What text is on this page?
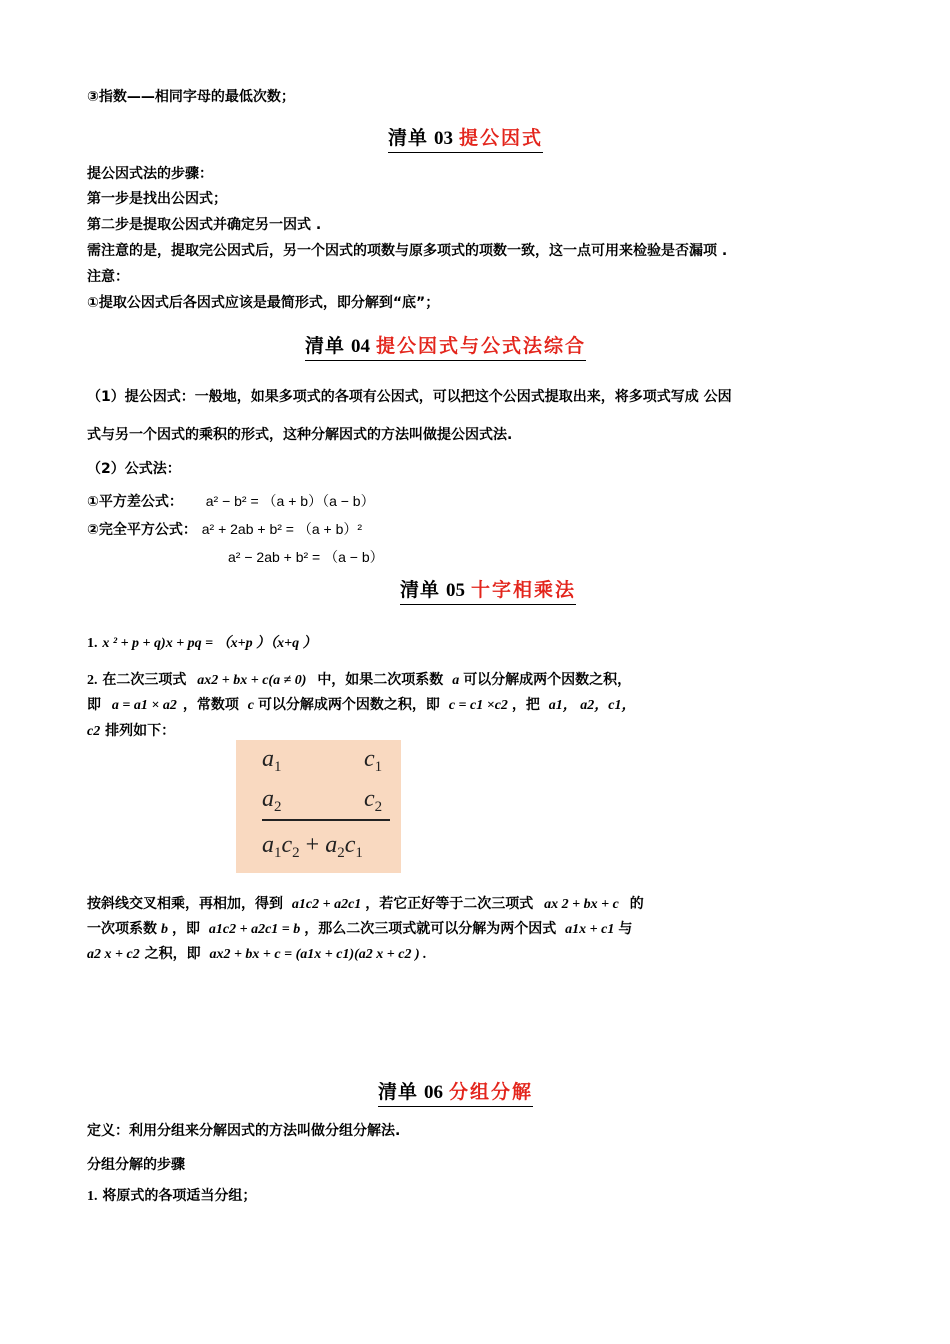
③指数——相同字母的最低次数；
清单 03 提公因式
提公因式法的步骤：
第一步是找出公因式；
第二步是提取公因式并确定另一因式 .
需注意的是，提取完公因式后，另一个因式的项数与原多项式的项数一致，这一点可用来检验是否漏项 .
注意：
①提取公因式后各因式应该是最简形式，即分解到“底”；
清单 04 提公因式与公式法综合
（1）提公因式：一般地，如果多项式的各项有公因式，可以把这个公因式提取出来，将多项式写成 公因
式与另一个因式的乘积的形式，这种分解因式的方法叫做提公因式法.
（2）公式法：
①平方差公式： a² − b² = （a + b）（a − b）
②完全平方公式： a² + 2ab + b² = （a + b）²
a² − 2ab + b² = （a − b）
清单 05 十字相乘法
1. x ² + p + q)x + pq = （x+p ）（x+q ）
2. 在二次三项式 ax2 + bx + c(a ≠ 0) 中，如果二次项系数 a 可以分解成两个因数之积，
即 a = a1 × a2 ，常数项 c 可以分解成两个因数之积，即 c = c1 ×c2 ，把 a1， a2，c1，
c2 排列如下：
$a_1$	$c_1$
$a_2$	$c_2$
$a_1c_2 + a_2c_1$
按斜线交叉相乘，再相加，得到 a1c2 + a2c1 ，若它正好等于二次三项式 ax 2 + bx + c 的
一次项系数 b ，即 a1c2 + a2c1 = b ，那么二次三项式就可以分解为两个因式 a1x + c1 与
a2 x + c2 之积，即 ax2 + bx + c = (a1x + c1)(a2 x + c2 ) .
清单 06 分组分解
定义：利用分组来分解因式的方法叫做分组分解法.
分组分解的步骤
1. 将原式的各项适当分组；
